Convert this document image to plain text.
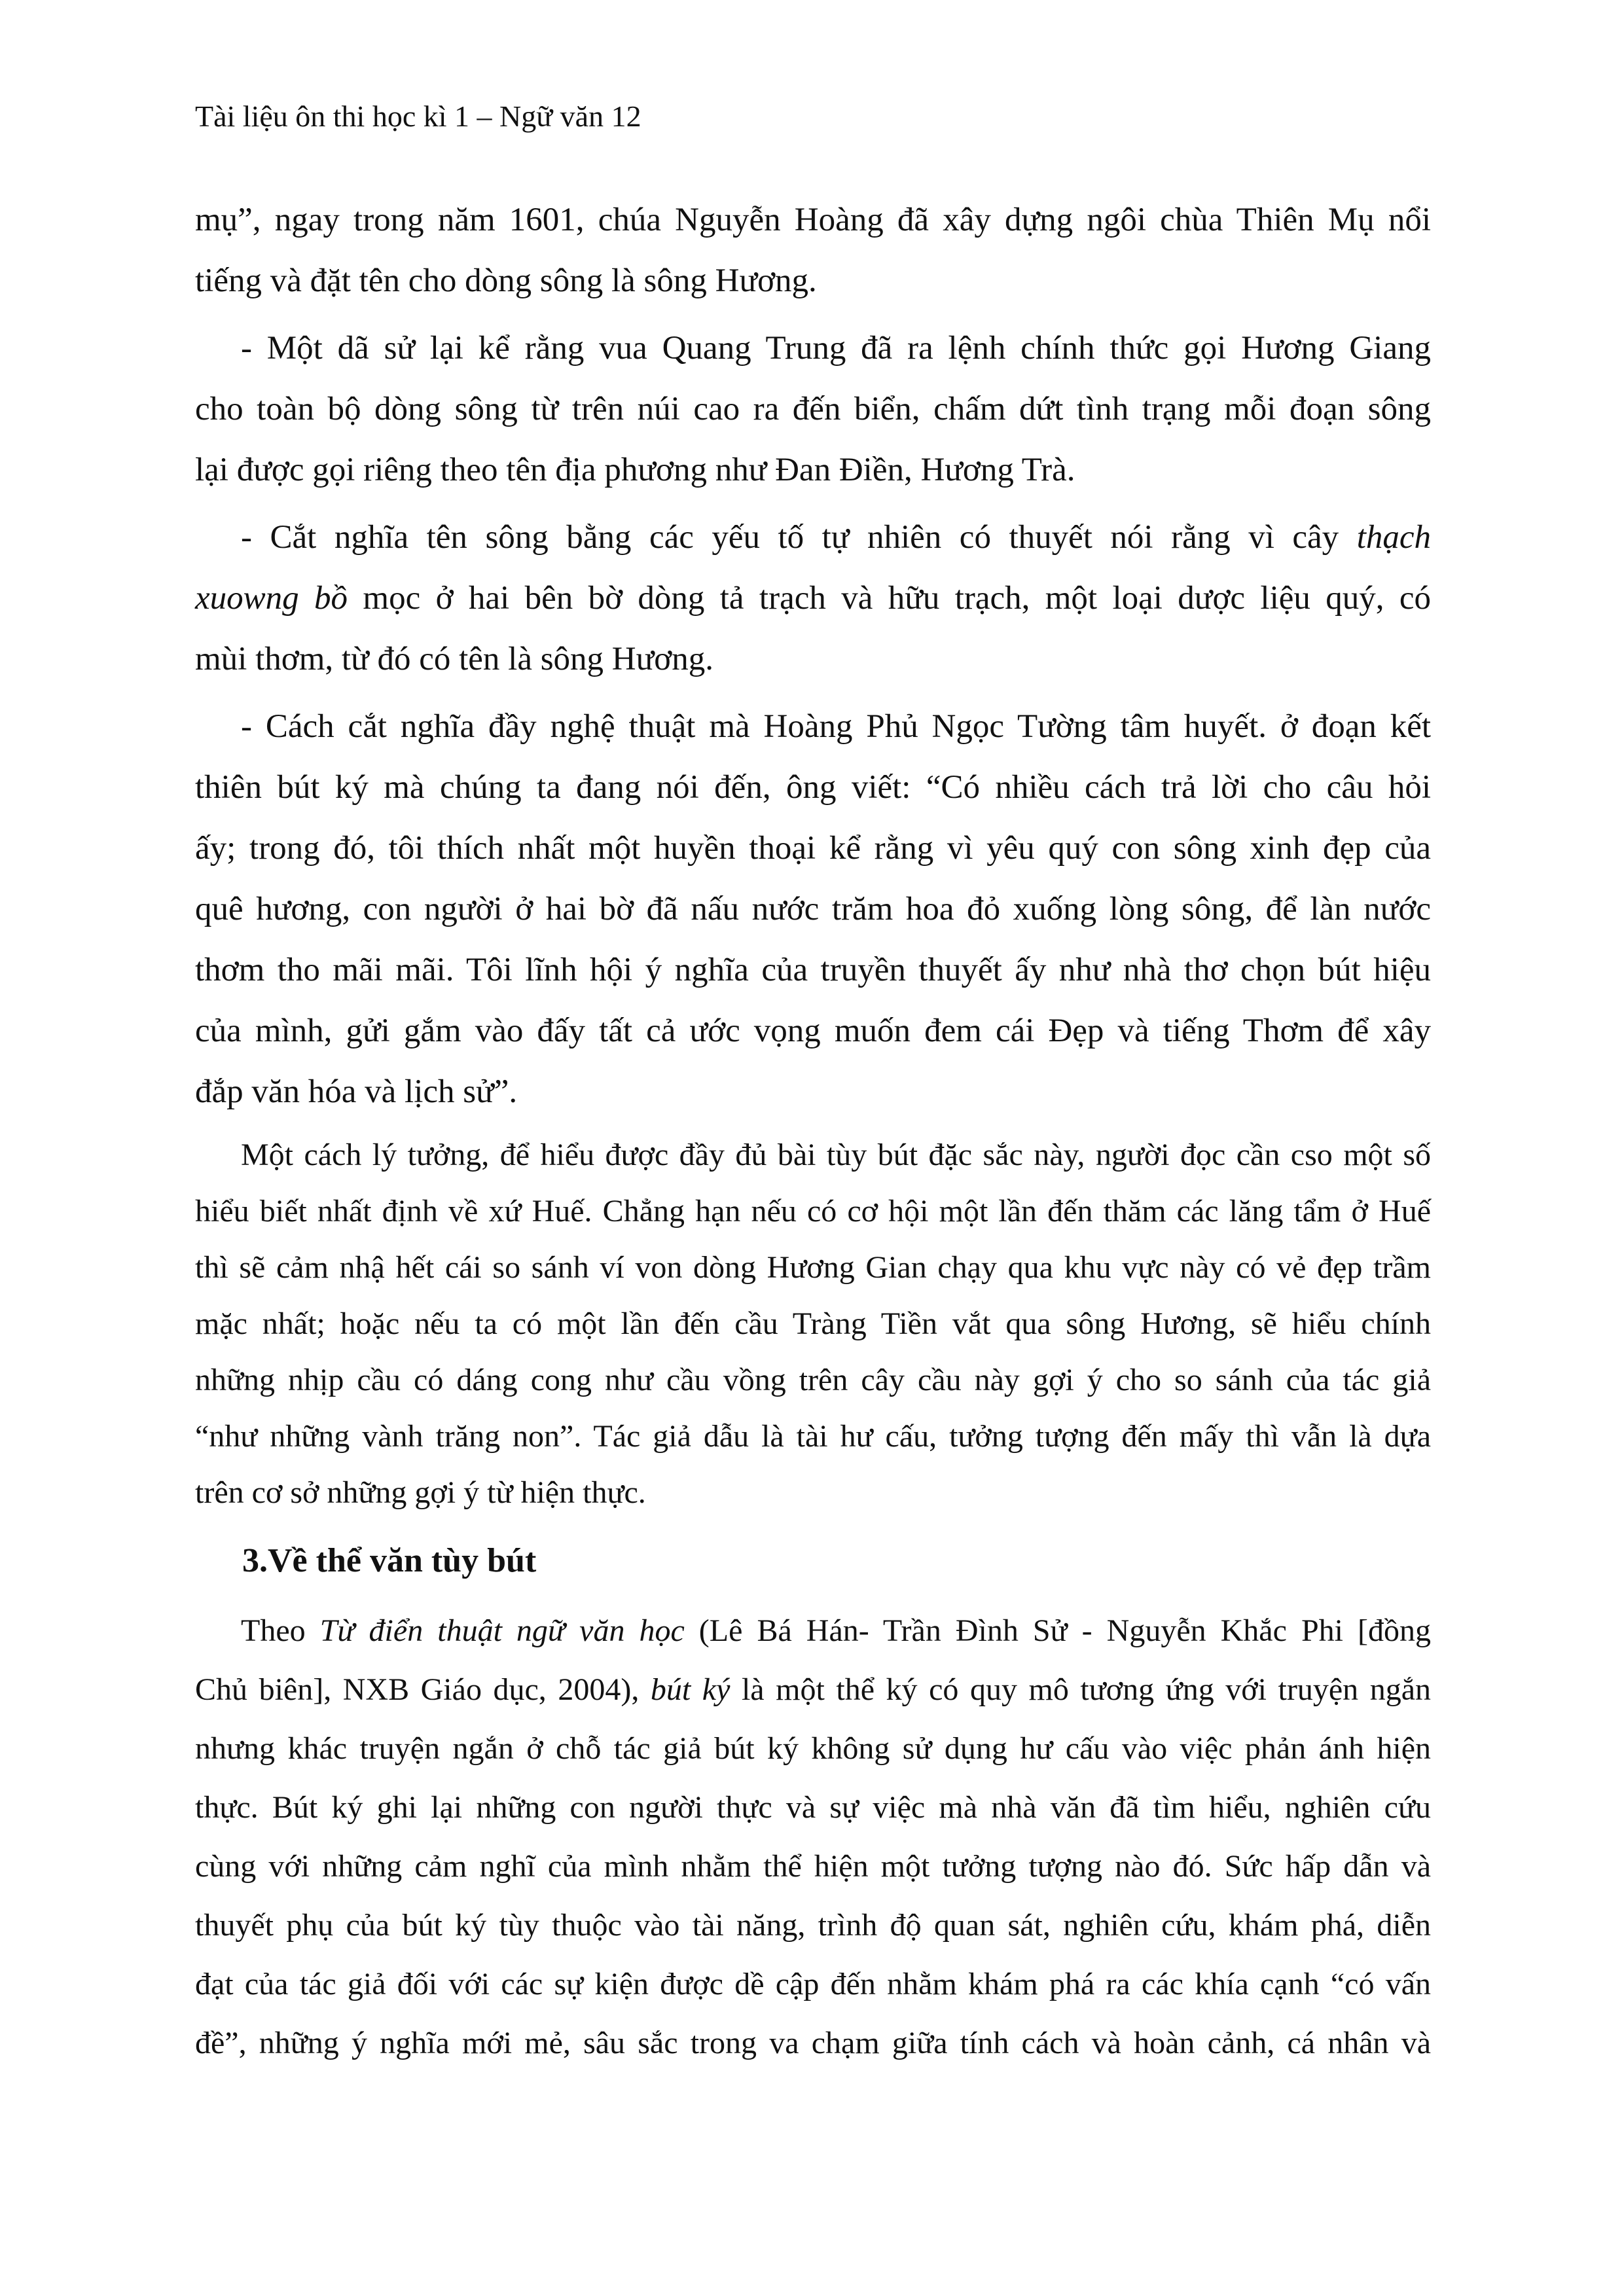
Tài liệu ôn thi học kì 1 – Ngữ văn 12

mụ”, ngay trong năm 1601, chúa Nguyễn Hoàng đã xây dựng ngôi chùa Thiên Mụ nổi

tiếng và đặt tên cho dòng sông là sông Hương.

- Một dã sử lại kể rằng vua Quang Trung đã ra lệnh chính thức gọi Hương Giang

cho toàn bộ dòng sông từ trên núi cao ra đến biển, chấm dứt tình trạng mỗi đoạn sông

lại được gọi riêng theo tên địa phương như Đan Điền, Hương Trà.

- Cắt nghĩa tên sông bằng các yếu tố tự nhiên có thuyết nói rằng vì cây thạch

xuowng bồ mọc ở hai bên bờ dòng tả trạch và hữu trạch, một loại dược liệu quý, có

mùi thơm, từ đó có tên là sông Hương.

- Cách cắt nghĩa đầy nghệ thuật mà Hoàng Phủ Ngọc Tường tâm huyết. ở đoạn kết

thiên bút ký mà chúng ta đang nói đến, ông viết: “Có nhiều cách trả lời cho câu hỏi

ấy; trong đó, tôi thích nhất một huyền thoại kể rằng vì yêu quý con sông xinh đẹp của

quê hương, con người ở hai bờ đã nấu nước trăm hoa đỏ xuống lòng sông, để làn nước

thơm tho mãi mãi. Tôi lĩnh hội ý nghĩa của truyền thuyết ấy như nhà thơ chọn bút hiệu

của mình, gửi gắm vào đấy tất cả ước vọng muốn đem cái Đẹp và tiếng Thơm để xây

đắp văn hóa và lịch sử”.

Một cách lý tưởng, để hiểu được đầy đủ bài tùy bút đặc sắc này, người đọc cần cso một số

hiểu biết nhất định về xứ Huế. Chẳng hạn nếu có cơ hội một lần đến thăm các lăng tẩm ở Huế

thì sẽ cảm nhậ hết cái so sánh ví von dòng Hương Gian chạy qua khu vực này có vẻ đẹp trầm

mặc nhất; hoặc nếu ta có một lần đến cầu Tràng Tiền vắt qua sông Hương, sẽ hiểu chính

những nhịp cầu có dáng cong như cầu vồng trên cây cầu này gợi ý cho so sánh của tác giả

“như những vành trăng non”. Tác giả dẫu là tài hư cấu, tưởng tượng đến mấy thì vẫn là dựa

trên cơ sở những gợi ý từ hiện thực.

3.Về thể văn tùy bút

Theo Từ điển thuật ngữ văn học (Lê Bá Hán- Trần Đình Sử - Nguyễn Khắc Phi [đồng

Chủ biên], NXB Giáo dục, 2004), bút ký là một thể ký có quy mô tương ứng với truyện ngắn

nhưng khác truyện ngắn ở chỗ tác giả bút ký không sử dụng hư cấu vào việc phản ánh hiện

thực. Bút ký ghi lại những con người thực và sự việc mà nhà văn đã tìm hiểu, nghiên cứu

cùng với những cảm nghĩ của mình nhằm thể hiện một tưởng tượng nào đó. Sức hấp dẫn và

thuyết phụ của bút ký tùy thuộc vào tài năng, trình độ quan sát, nghiên cứu, khám phá, diễn

đạt của tác giả đối với các sự kiện được dề cập đến nhằm khám phá ra các khía cạnh “có vấn

đề”, những ý nghĩa mới mẻ, sâu sắc trong va chạm giữa tính cách và hoàn cảnh, cá nhân và
